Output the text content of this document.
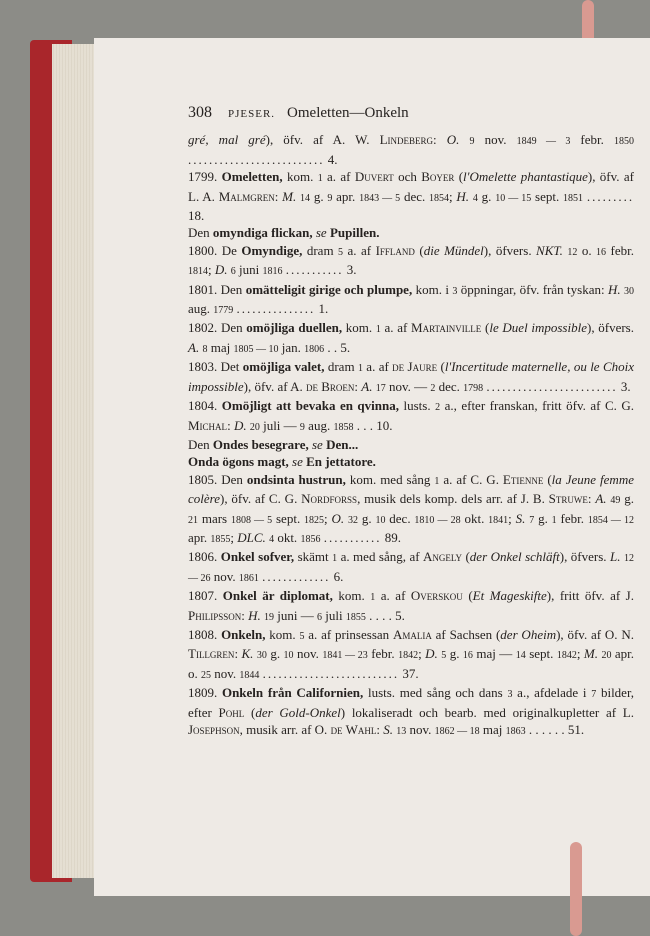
308 PJESER. Omeletten—Onkeln
gré, mal gré), öfv. af A. W. Lindeberg: O. 9 nov. 1849 — 3 febr. 1850 .......................... 4.
1799. Omeletten, kom. 1 a. af Duvert och Boyer (l'Omelette phantastique), öfv. af L. A. Malmgren: M. 14 g. 9 apr. 1843 — 5 dec. 1854; H. 4 g. 10 — 15 sept. 1851 ......... 18.
Den omyndiga flickan, se Pupillen.
1800. De Omyndige, dram 5 a. af Iffland (die Mündel), öfvers. NKT. 12 o. 16 febr. 1814; D. 6 juni 1816 ........... 3.
1801. Den omätteligit girige och plumpe, kom. i 3 öppningar, öfv. från tyskan: H. 30 aug. 1779 ............... 1.
1802. Den omöjliga duellen, kom. 1 a. af Martainville (le Duel impossible), öfvers. A. 8 maj 1805 — 10 jan. 1806 . . 5.
1803. Det omöjliga valet, dram 1 a. af de Jaure (l'Incertitude maternelle, ou le Choix impossible), öfv. af A. de Broen: A. 17 nov. — 2 dec. 1798 ......................... 3.
1804. Omöjligt att bevaka en qvinna, lusts. 2 a., efter franskan, fritt öfv. af C. G. Michal: D. 20 juli — 9 aug. 1858 . . . 10.
Den Ondes besegrare, se Den...
Onda ögons magt, se En jettatore.
1805. Den ondsinta hustrun, kom. med sång 1 a. af C. G. Etienne (la Jeune femme colère), öfv. af C. G. Nordforss, musik dels komp. dels arr. af J. B. Struwe: A. 49 g. 21 mars 1808 — 5 sept. 1825; O. 32 g. 10 dec. 1810 — 28 okt. 1841; S. 7 g. 1 febr. 1854 — 12 apr. 1855; DLC. 4 okt. 1856 ........... 89.
1806. Onkel sofver, skämt 1 a. med sång, af Angely (der Onkel schläft), öfvers. L. 12 — 26 nov. 1861 ............. 6.
1807. Onkel är diplomat, kom. 1 a. af Overskou (Et Mageskifte), fritt öfv. af J. Philipsson: H. 19 juni — 6 juli 1855 . . . . 5.
1808. Onkeln, kom. 5 a. af prinsessan Amalia af Sachsen (der Oheim), öfv. af O. N. Tillgren: K. 30 g. 10 nov. 1841 — 23 febr. 1842; D. 5 g. 16 maj — 14 sept. 1842; M. 20 apr. o. 25 nov. 1844 .......................... 37.
1809. Onkeln från Californien, lusts. med sång och dans 3 a., afdelade i 7 bilder, efter Pohl (der Gold-Onkel) lokaliseradt och bearb. med originalkupletter af L. Josephson, musik arr. af O. de Wahl: S. 13 nov. 1862 — 18 maj 1863 . . . . . . 51.
